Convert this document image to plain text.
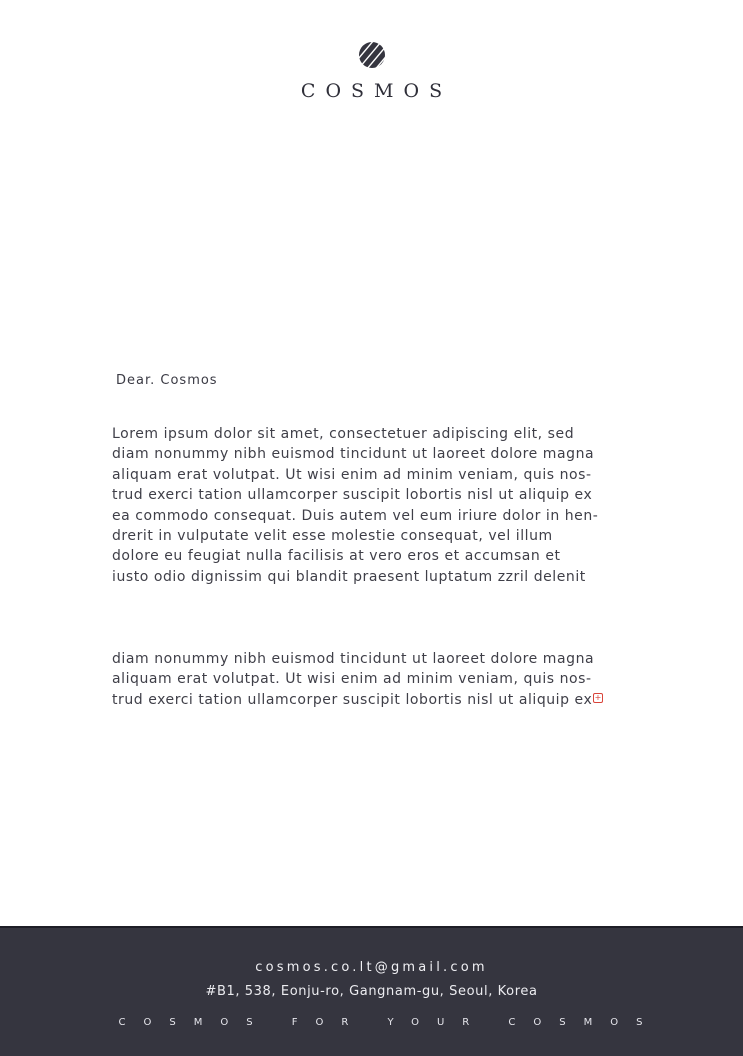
COSMOS

Dear. Cosmos

Lorem ipsum dolor sit amet, consectetuer adipiscing elit, sed
diam nonummy nibh euismod tincidunt ut laoreet dolore magna
aliquam erat volutpat. Ut wisi enim ad minim veniam, quis nos-
trud exerci tation ullamcorper suscipit lobortis nisl ut aliquip ex
ea commodo consequat. Duis autem vel eum iriure dolor in hen-
drerit in vulputate velit esse molestie consequat, vel illum
dolore eu feugiat nulla facilisis at vero eros et accumsan et
iusto odio dignissim qui blandit praesent luptatum zzril delenit
diam nonummy nibh euismod tincidunt ut laoreet dolore magna
aliquam erat volutpat. Ut wisi enim ad minim veniam, quis nos-
trud exerci tation ullamcorper suscipit lobortis nisl ut aliquip ex +
cosmos.co.lt@gmail.com
#B1, 538, Eonju-ro, Gangnam-gu, Seoul, Korea
COSMOS FOR YOUR COSMOS
